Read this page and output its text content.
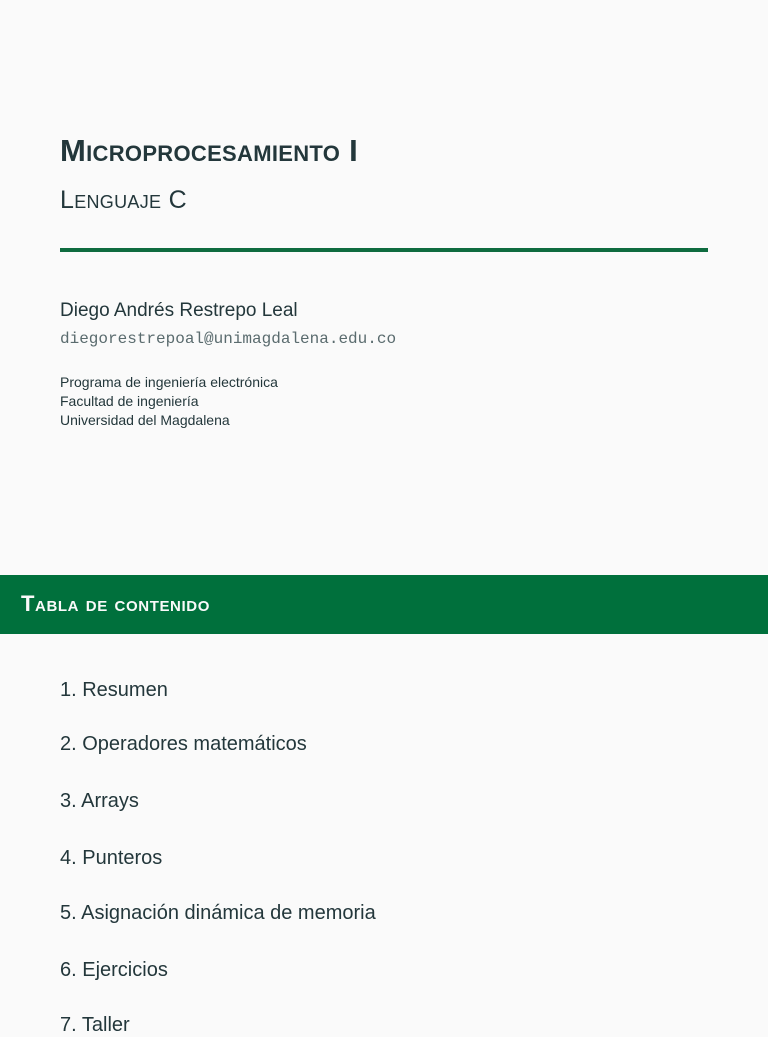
Microprocesamiento I
Lenguaje C
Diego Andrés Restrepo Leal
diegorestrepoal@unimagdalena.edu.co
Programa de ingeniería electrónica
Facultad de ingeniería
Universidad del Magdalena
Tabla de contenido
1. Resumen
2. Operadores matemáticos
3. Arrays
4. Punteros
5. Asignación dinámica de memoria
6. Ejercicios
7. Taller
